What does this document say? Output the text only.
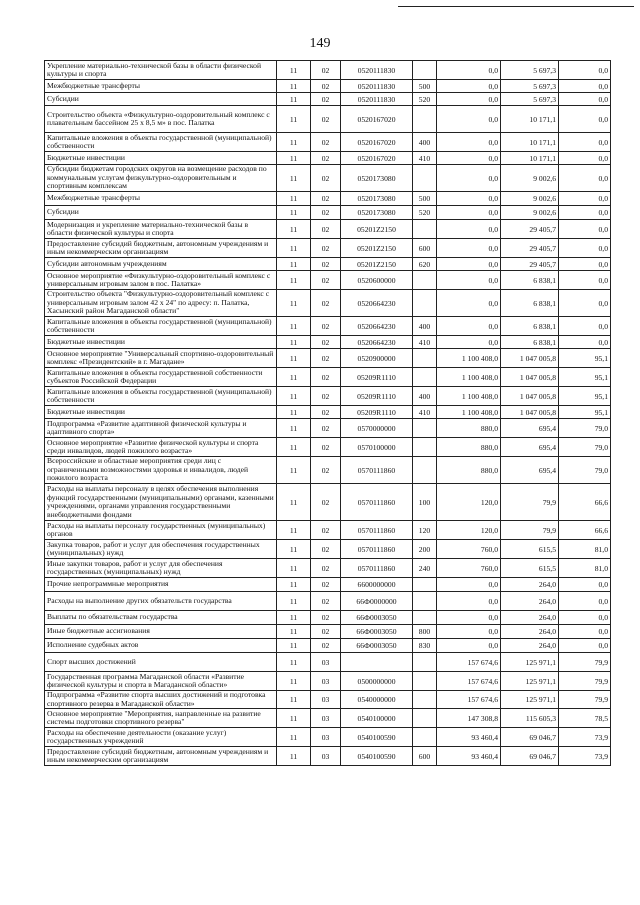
149
Укрепление материально-технической базы в области физической культуры и спорта	11	02	0520111830		0,0	5 697,3	0,0
Межбюджетные трансферты	11	02	0520111830	500	0,0	5 697,3	0,0
Субсидии	11	02	0520111830	520	0,0	5 697,3	0,0
Строительство объекта «Физкультурно-оздоровительный комплекс с плавательным бассейном 25 х 8,5 м» в пос. Палатка	11	02	0520167020		0,0	10 171,1	0,0
Капитальные вложения в объекты государственной (муниципальной) собственности	11	02	0520167020	400	0,0	10 171,1	0,0
Бюджетные инвестиции	11	02	0520167020	410	0,0	10 171,1	0,0
Субсидии бюджетам городских округов на возмещение расходов по коммунальным услугам физкультурно-оздоровительным и спортивным комплексам	11	02	0520173080		0,0	9 002,6	0,0
Межбюджетные трансферты	11	02	0520173080	500	0,0	9 002,6	0,0
Субсидии	11	02	0520173080	520	0,0	9 002,6	0,0
Модернизация и укрепление материально-технической базы в области физической культуры и спорта	11	02	05201Z2150		0,0	29 405,7	0,0
Предоставление субсидий бюджетным, автономным учреждениям и иным некоммерческим организациям	11	02	05201Z2150	600	0,0	29 405,7	0,0
Субсидии автономным учреждениям	11	02	05201Z2150	620	0,0	29 405,7	0,0
Основное мероприятие «Физкультурно-оздоровительный комплекс с универсальным игровым залом в пос. Палатка»	11	02	0520600000		0,0	6 838,1	0,0
Строительство объекта "Физкультурно-оздоровительный комплекс с универсальным игровым залом 42 х 24" по адресу: п. Палатка, Хасынский район Магаданской области"	11	02	0520664230		0,0	6 838,1	0,0
Капитальные вложения в объекты государственной (муниципальной) собственности	11	02	0520664230	400	0,0	6 838,1	0,0
Бюджетные инвестиции	11	02	0520664230	410	0,0	6 838,1	0,0
Основное мероприятие "Универсальный спортивно-оздоровительный комплекс «Президентский» в г. Магадане»	11	02	0520900000		1 100 408,0	1 047 005,8	95,1
Капитальные вложения в объекты государственной собственности субъектов Российской Федерации	11	02	05209R1110		1 100 408,0	1 047 005,8	95,1
Капитальные вложения в объекты государственной (муниципальной) собственности	11	02	05209R1110	400	1 100 408,0	1 047 005,8	95,1
Бюджетные инвестиции	11	02	05209R1110	410	1 100 408,0	1 047 005,8	95,1
Подпрограмма «Развитие адаптивной физической культуры и адаптивного спорта»	11	02	0570000000		880,0	695,4	79,0
Основное мероприятие «Развитие физической культуры и спорта среди инвалидов, людей пожилого возраста»	11	02	0570100000		880,0	695,4	79,0
Всероссийские и областные мероприятия среди лиц с ограниченными возможностями здоровья и инвалидов, людей пожилого возраста	11	02	0570111860		880,0	695,4	79,0
Расходы на выплаты персоналу в целях обеспечения выполнения функций государственными (муниципальными) органами, казенными учреждениями, органами управления государственными внебюджетными фондами	11	02	0570111860	100	120,0	79,9	66,6
Расходы на выплаты персоналу государственных (муниципальных) органов	11	02	0570111860	120	120,0	79,9	66,6
Закупка товаров, работ и услуг для обеспечения государственных (муниципальных) нужд	11	02	0570111860	200	760,0	615,5	81,0
Иные закупки товаров, работ и услуг для обеспечения государственных (муниципальных) нужд	11	02	0570111860	240	760,0	615,5	81,0
Прочие непрограммные мероприятия	11	02	6600000000		0,0	264,0	0,0
Расходы на выполнение других обязательств государства	11	02	66Ф0000000		0,0	264,0	0,0
Выплаты по обязательствам государства	11	02	66Ф0003050		0,0	264,0	0,0
Иные бюджетные ассигнования	11	02	66Ф0003050	800	0,0	264,0	0,0
Исполнение судебных актов	11	02	66Ф0003050	830	0,0	264,0	0,0
Спорт высших достижений	11	03			157 674,6	125 971,1	79,9
Государственная программа Магаданской области «Развитие физической культуры и спорта в Магаданской области»	11	03	0500000000		157 674,6	125 971,1	79,9
Подпрограмма «Развитие спорта высших достижений и подготовка спортивного резерва в Магаданской области»	11	03	0540000000		157 674,6	125 971,1	79,9
Основное мероприятие "Мероприятия, направленные на развитие системы подготовки спортивного резерва"	11	03	0540100000		147 308,8	115 605,3	78,5
Расходы на обеспечение деятельности (оказание услуг) государственных учреждений	11	03	0540100590		93 460,4	69 046,7	73,9
Предоставление субсидий бюджетным, автономным учреждениям и иным некоммерческим организациям	11	03	0540100590	600	93 460,4	69 046,7	73,9
